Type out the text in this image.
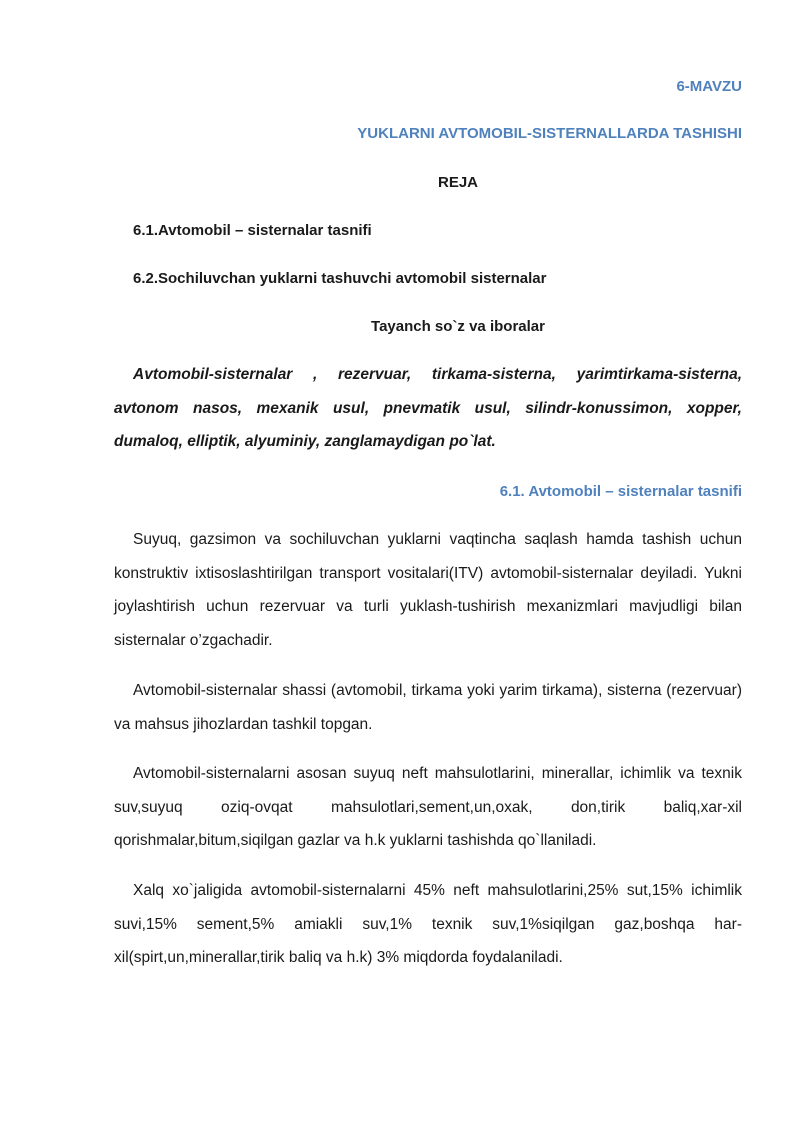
6-MAVZU
YUKLARNI AVTOMOBIL-SISTERNALLARDA TASHISHI
REJA
6.1.Avtomobil – sisternalar tasnifi
6.2.Sochiluvchan yuklarni tashuvchi avtomobil sisternalar
Tayanch so`z va iboralar
Avtomobil-sisternalar , rezervuar, tirkama-sisterna, yarimtirkama-sisterna, avtonom nasos, mexanik usul, pnevmatik usul, silindr-konussimon, xopper, dumaloq, elliptik, alyuminiy, zanglamaydigan po`lat.
6.1. Avtomobil – sisternalar tasnifi
Suyuq, gazsimon va sochiluvchan yuklarni vaqtincha saqlash hamda tashish uchun konstruktiv ixtisoslashtirilgan transport vositalari(ITV) avtomobil-sisternalar deyiladi. Yukni joylashtirish uchun rezervuar va turli yuklash-tushirish mexanizmlari mavjudligi bilan sisternalar o’zgachadir.
Avtomobil-sisternalar shassi (avtomobil, tirkama yoki yarim tirkama), sisterna (rezervuar) va mahsus jihozlardan tashkil topgan.
Avtomobil-sisternalarni asosan suyuq neft mahsulotlarini, minerallar, ichimlik va texnik suv,suyuq oziq-ovqat mahsulotlari,sement,un,oxak, don,tirik baliq,xar-xil qorishmalar,bitum,siqilgan gazlar va h.k yuklarni tashishda qo`llaniladi.
Xalq xo`jaligida avtomobil-sisternalarni 45% neft mahsulotlarini,25% sut,15% ichimlik suvi,15% sement,5% amiakli suv,1% texnik suv,1%siqilgan gaz,boshqa har-xil(spirt,un,minerallar,tirik baliq va h.k) 3% miqdorda foydalaniladi.
